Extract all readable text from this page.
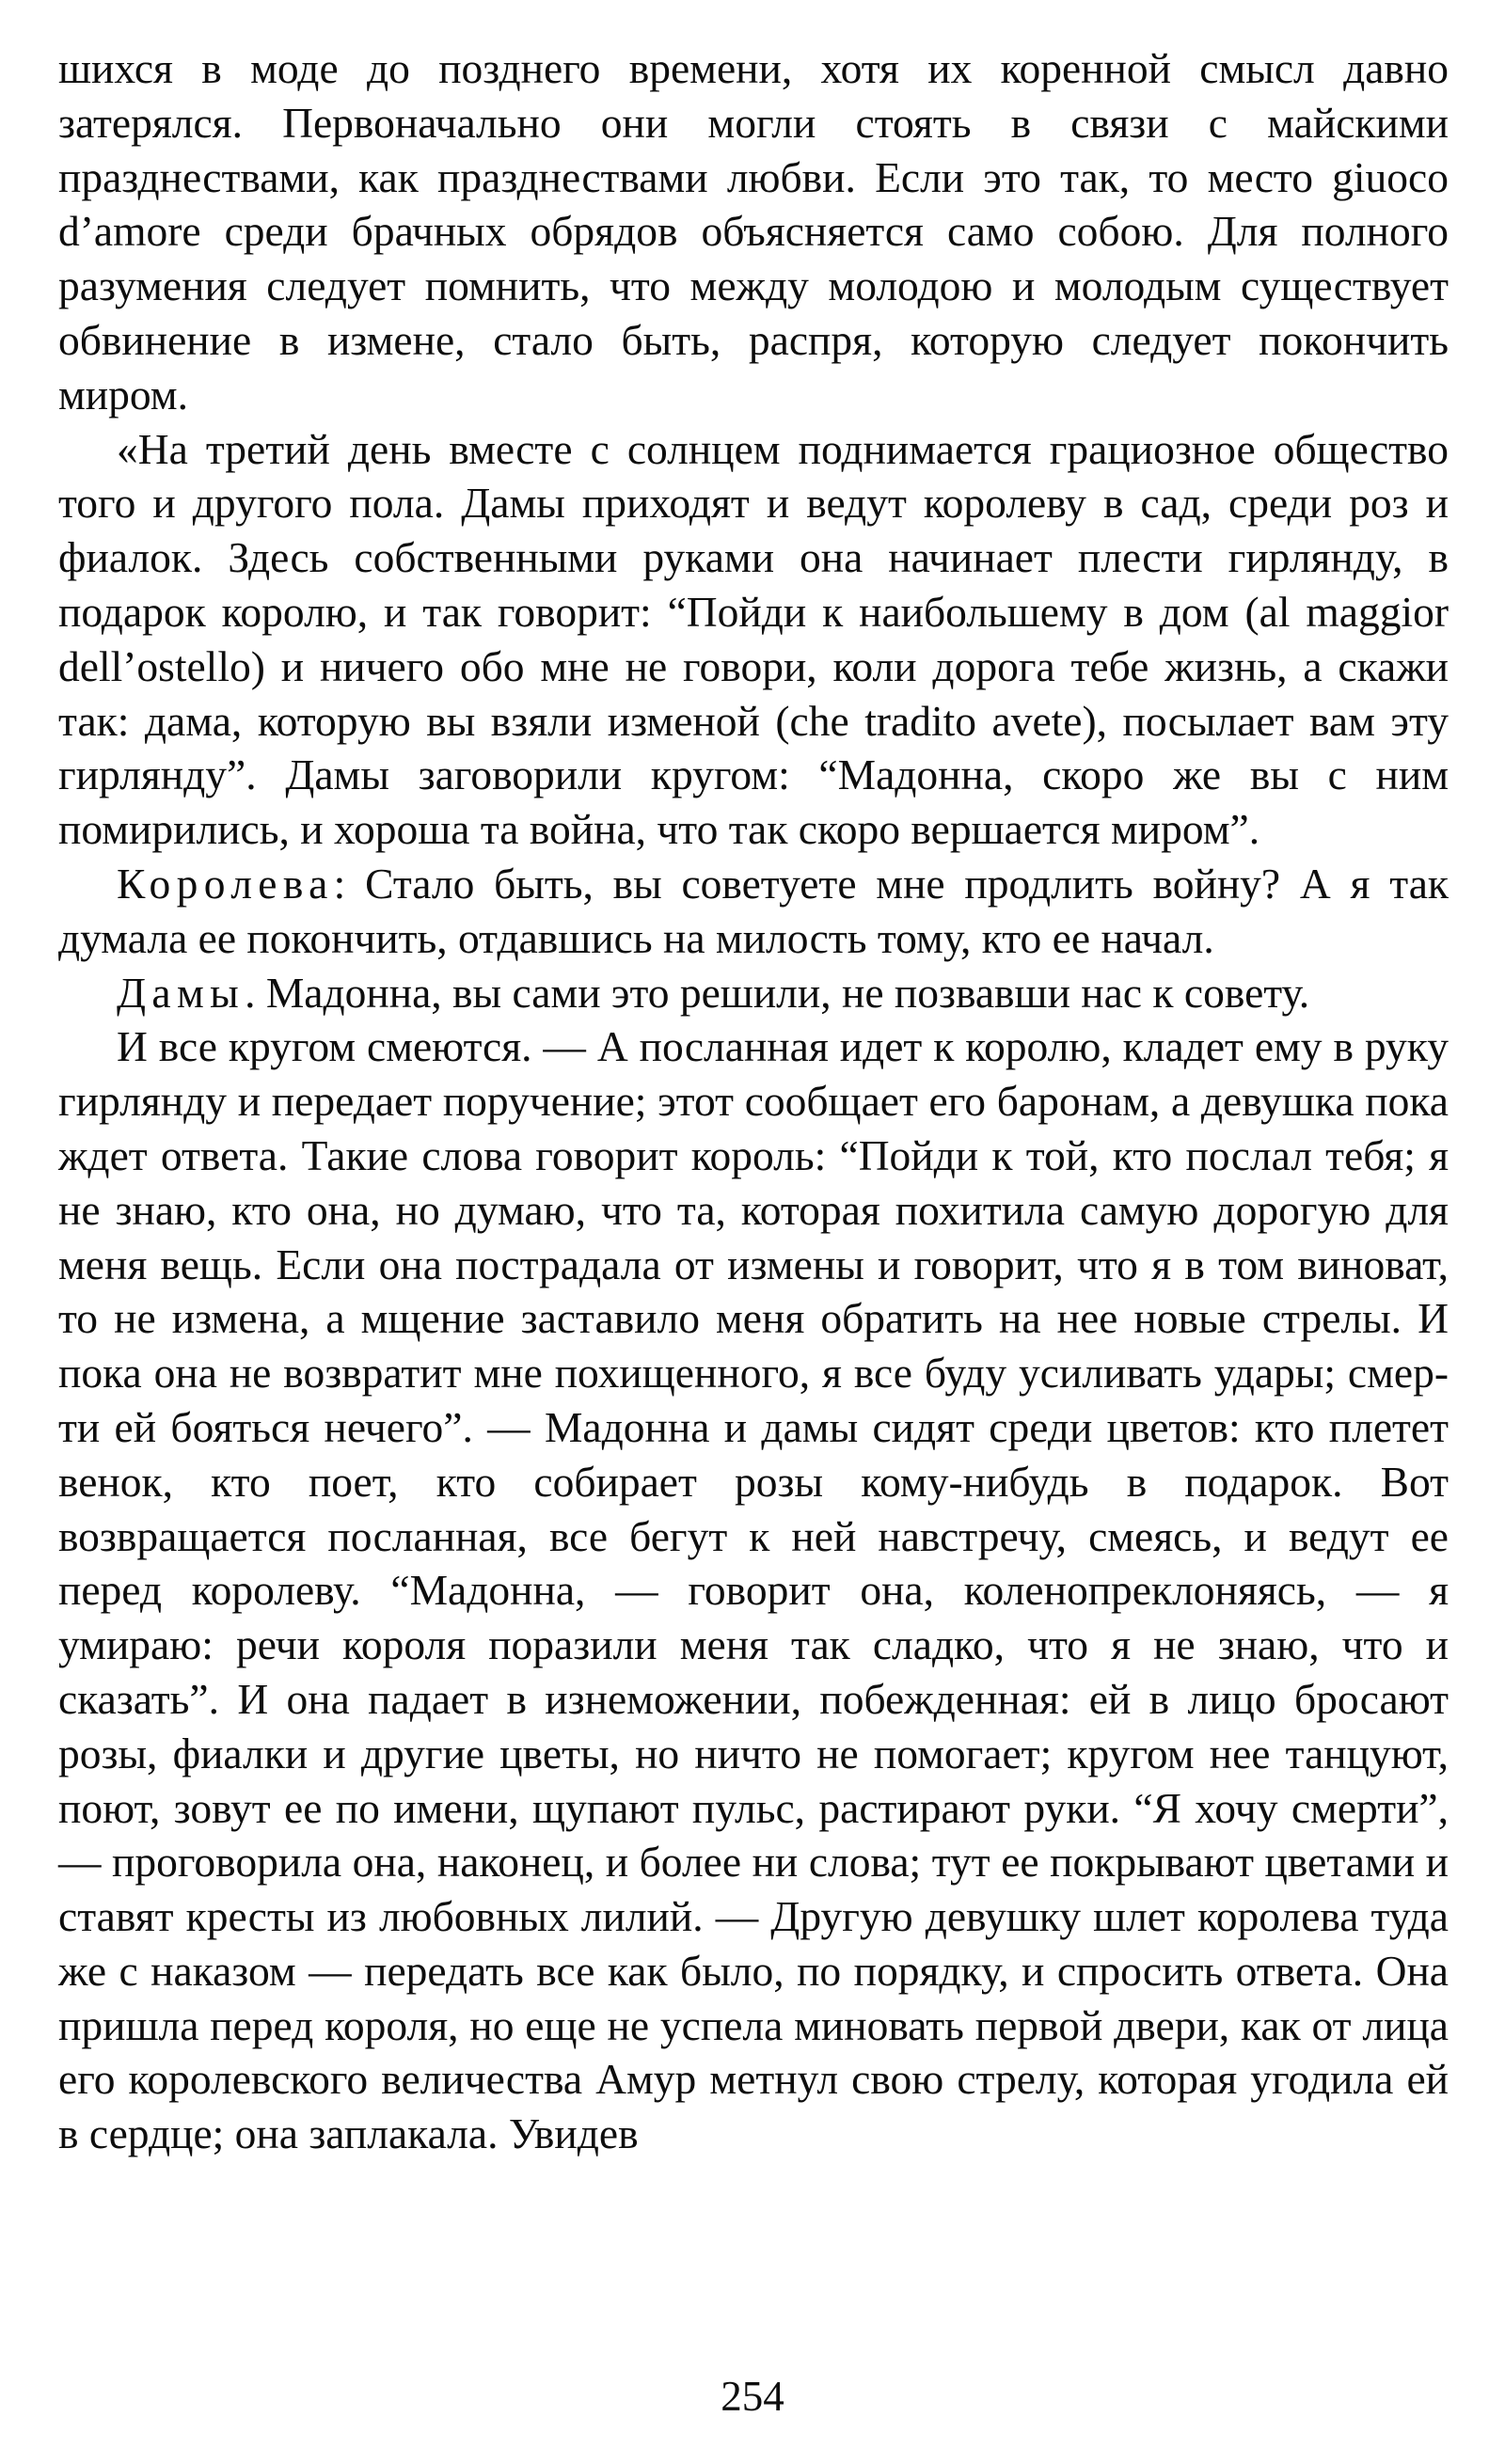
шихся в моде до позднего времени, хотя их коренной смысл давно затерялся. Первоначально они могли стоять в связи с майскими празднествами, как празднествами любви. Если это так, то место giuoco d’amore среди брачных обрядов объясняется само собою. Для полного разумения следует помнить, что между молодою и молодым существует обвинение в измене, стало быть, распря, которую следует покончить миром.

«На третий день вместе с солнцем поднимается грациозное общество того и другого пола. Дамы приходят и ведут королеву в сад, среди роз и фиалок. Здесь собственными руками она начинает плести гирлянду, в подарок королю, и так говорит: “Пойди к наибольшему в дом (al maggior dell’ostello) и ничего обо мне не говори, коли дорога тебе жизнь, а скажи так: дама, которую вы взяли изменой (che tradito avete), посылает вам эту гирлянду”. Дамы заговорили кругом: “Мадонна, скоро же вы с ним помирились, и хороша та война, что так скоро вершается миром”.

Королева: Стало быть, вы советуете мне продлить войну? А я так думала ее покончить, отдавшись на милость тому, кто ее начал.

Дамы. Мадонна, вы сами это решили, не позвавши нас к совету.

И все кругом смеются. — А посланная идет к королю, кладет ему в руку гирлянду и передает поручение; этот сообщает его баронам, а девушка пока ждет ответа. Такие слова говорит король: “Пойди к той, кто послал тебя; я не знаю, кто она, но думаю, что та, которая похитила самую дорогую для меня вещь. Если она пострадала от измены и говорит, что я в том виноват, то не измена, а мщение заставило меня обратить на нее новые стрелы. И пока она не возвратит мне похищенного, я все буду усиливать удары; смерти ей бояться нечего”. — Мадонна и дамы сидят среди цветов: кто плетет венок, кто поет, кто собирает розы кому-нибудь в подарок. Вот возвращается посланная, все бегут к ней навстречу, смеясь, и ведут ее перед королеву. “Мадонна, — говорит она, коленопреклоняясь, — я умираю: речи короля поразили меня так сладко, что я не знаю, что и сказать”. И она падает в изнеможении, побежденная: ей в лицо бросают розы, фиалки и другие цветы, но ничто не помогает; кругом нее танцуют, поют, зовут ее по имени, щупают пульс, растирают руки. “Я хочу смерти”, — проговорила она, наконец, и более ни слова; тут ее покрывают цветами и ставят кресты из любовных лилий. — Другую девушку шлет королева туда же с наказом — передать все как было, по порядку, и спросить ответа. Она пришла перед короля, но еще не успела миновать первой двери, как от лица его королевского величества Амур метнул свою стрелу, которая угодила ей в сердце; она заплакала. Увидев

254
